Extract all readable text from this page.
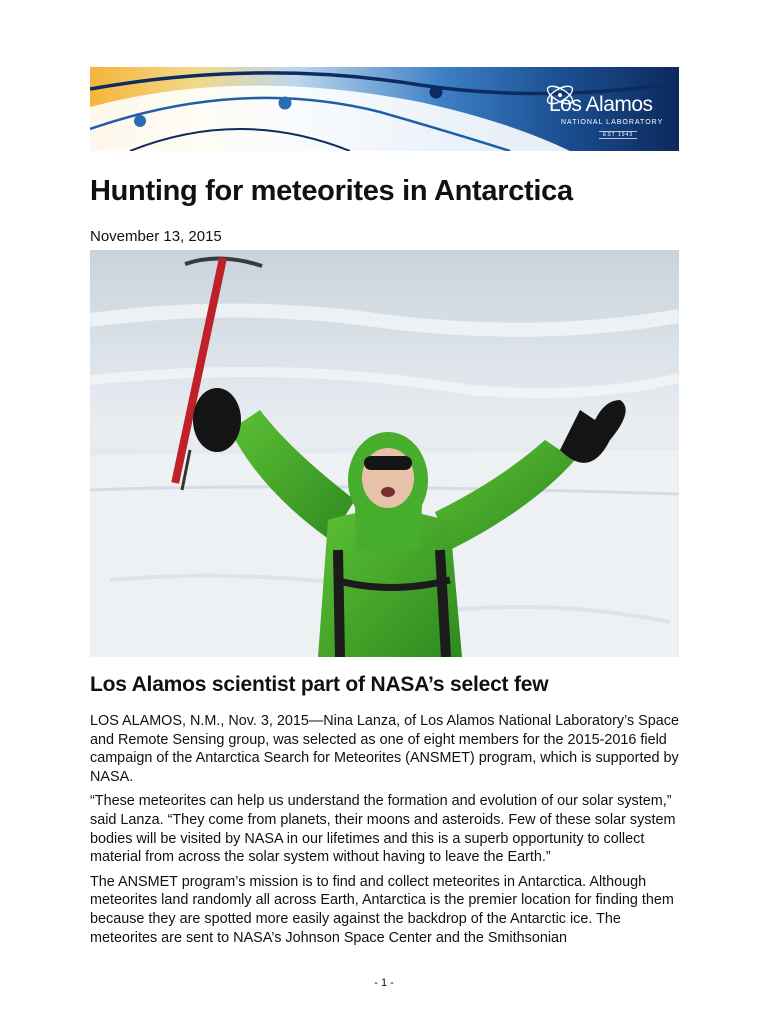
Los Alamos
NATIONAL LABORATORY
EST 1943
Hunting for meteorites in Antarctica
November 13, 2015
Los Alamos scientist part of NASA’s select few

LOS ALAMOS, N.M., Nov. 3, 2015—Nina Lanza, of Los Alamos National Laboratory’s Space and Remote Sensing group, was selected as one of eight members for the 2015-2016 field campaign of the Antarctica Search for Meteorites (ANSMET) program, which is supported by NASA.

“These meteorites can help us understand the formation and evolution of our solar system,” said Lanza. “They come from planets, their moons and asteroids. Few of these solar system bodies will be visited by NASA in our lifetimes and this is a superb opportunity to collect material from across the solar system without having to leave the Earth.”

The ANSMET program’s mission is to find and collect meteorites in Antarctica. Although meteorites land randomly all across Earth, Antarctica is the premier location for finding them because they are spotted more easily against the backdrop of the Antarctic ice. The meteorites are sent to NASA’s Johnson Space Center and the Smithsonian

- 1 -
